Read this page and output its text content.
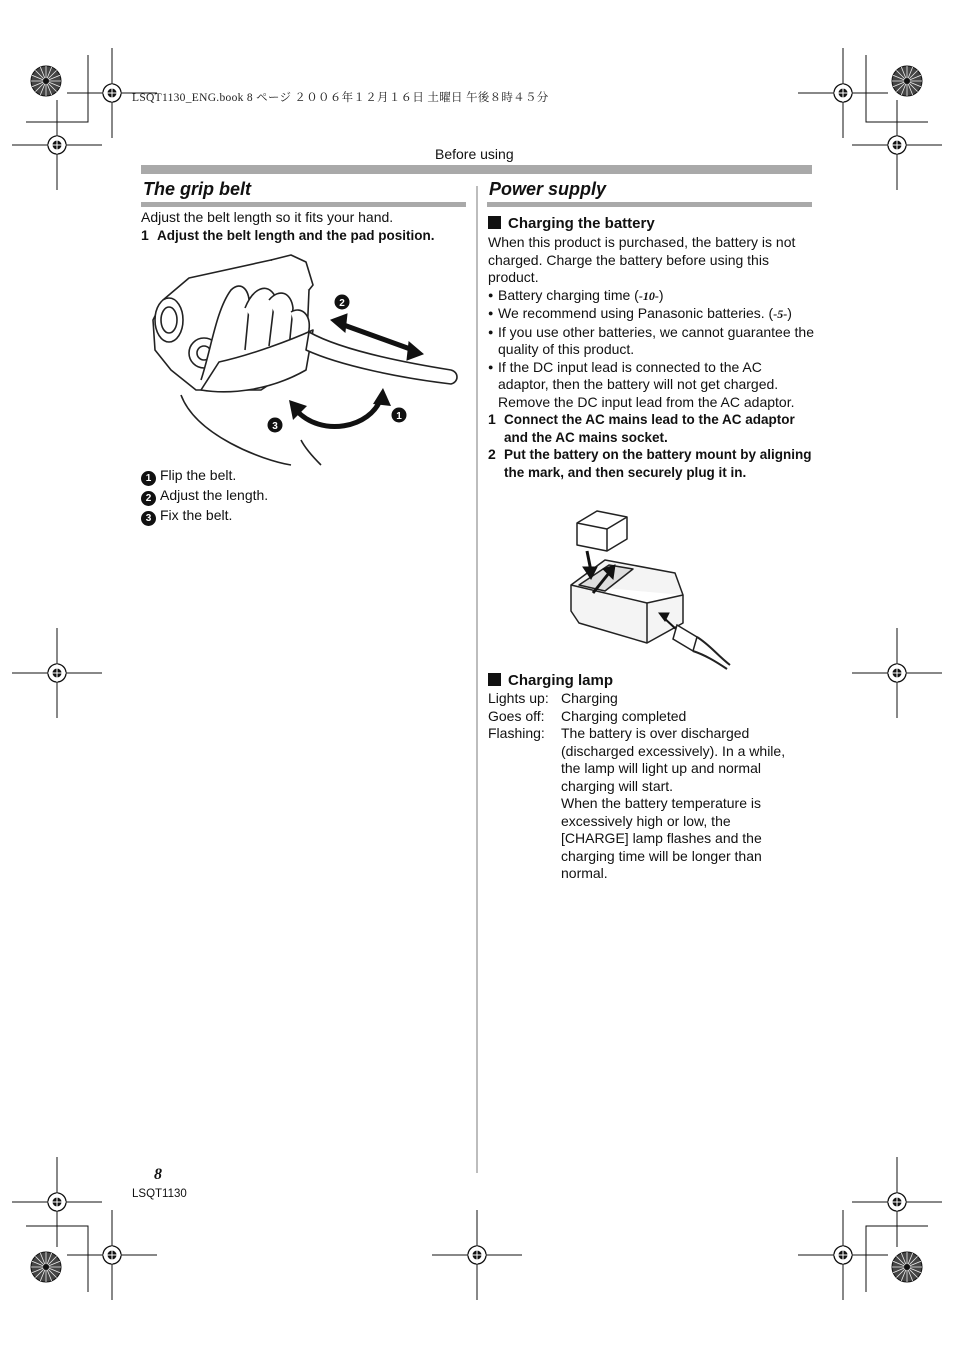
LSQT1130_ENG.book 8 ページ ２００６年１２月１６日 土曜日 午後８時４５分
Before using
The grip belt
Adjust the belt length so it fits your hand.
1 Adjust the belt length and the pad position.
2
1
3
1 Flip the belt.
2 Adjust the length.
3 Fix the belt.
Power supply
Charging the battery
When this product is purchased, the battery is not charged. Charge the battery before using this product.
● Battery charging time (-10-)
● We recommend using Panasonic batteries. (-5-)
● If you use other batteries, we cannot guarantee the quality of this product.
● If the DC input lead is connected to the AC adaptor, then the battery will not get charged. Remove the DC input lead from the AC adaptor.
1 Connect the AC mains lead to the AC adaptor and the AC mains socket.
2 Put the battery on the battery mount by aligning the mark, and then securely plug it in.
Charging lamp
Lights up: Charging
Goes off:	Charging completed
Flashing:	The battery is over discharged (discharged excessively). In a while, the lamp will light up and normal charging will start.
When the battery temperature is excessively high or low, the [CHARGE] lamp flashes and the charging time will be longer than normal.
8
LSQT1130
